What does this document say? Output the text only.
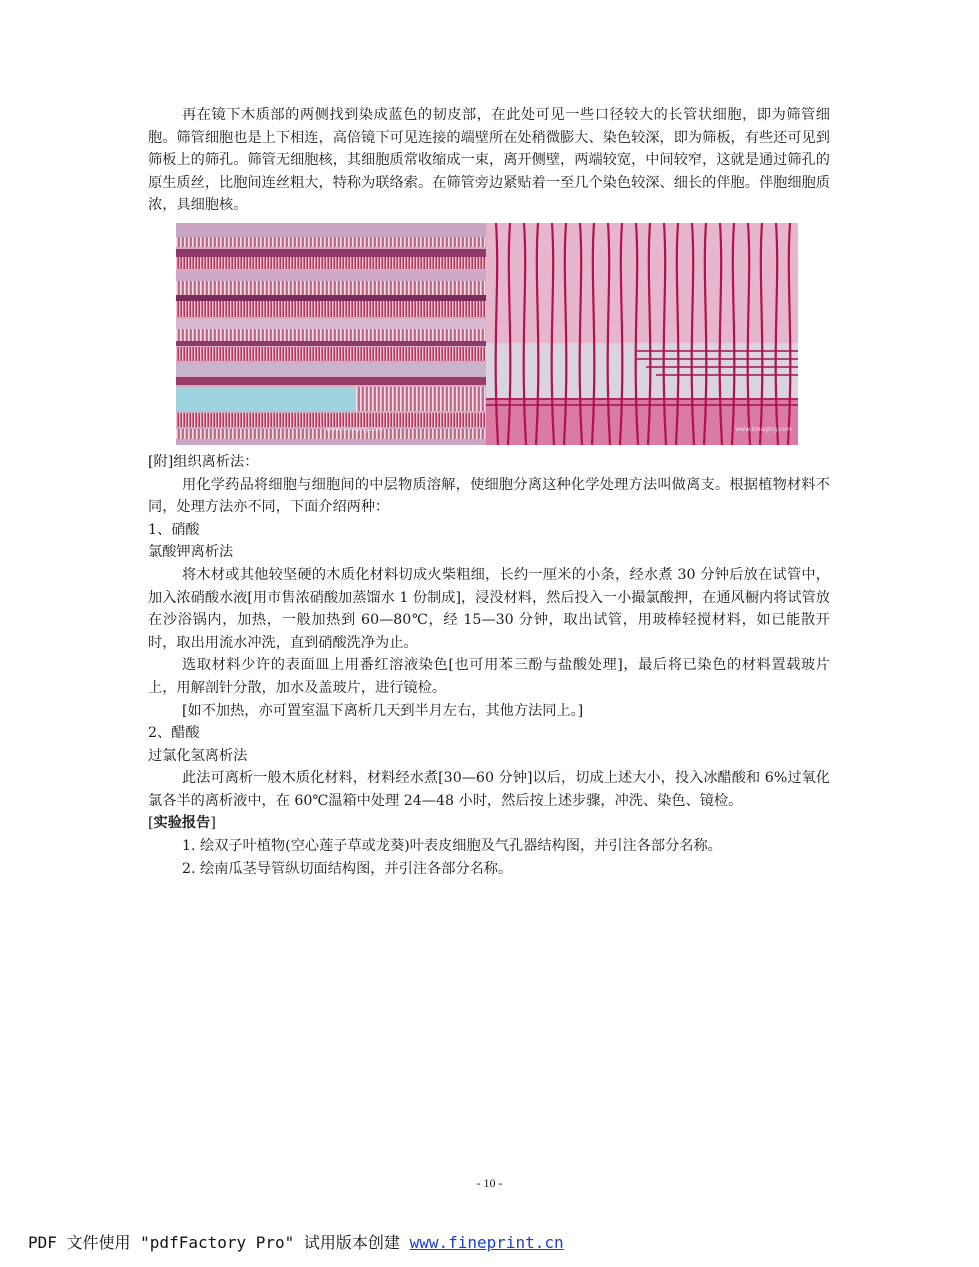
再在镜下木质部的两侧找到染成蓝色的韧皮部，在此处可见一些口径较大的长管状细胞，即为筛管细胞。筛管细胞也是上下相连，高倍镜下可见连接的端壁所在处稍微膨大、染色较深，即为筛板，有些还可见到筛板上的筛孔。筛管无细胞核，其细胞质常收缩成一束，离开侧壁，两端较宽，中间较窄，这就是通过筛孔的原生质丝，比胞间连丝粗大，特称为联络索。在筛管旁边紧贴着一至几个染色较深、细长的伴胞。伴胞细胞质浓，具细胞核。

www.iimaging.com	www.iimaging.com

[附]组织离析法：

用化学药品将细胞与细胞间的中层物质溶解，使细胞分离这种化学处理方法叫做离支。根据植物材料不同，处理方法亦不同，下面介绍两种：

1、硝酸

氯酸钾离析法

将木材或其他较坚硬的木质化材料切成火柴粗细，长约一厘米的小条，经水煮 30 分钟后放在试管中，加入浓硝酸水液[用市售浓硝酸加蒸馏水 1 份制成]，浸没材料，然后投入一小撮氯酸押，在通风橱内将试管放在沙浴锅内，加热，一般加热到 60—80℃，经 15—30 分钟，取出试管，用玻棒轻搅材料，如已能散开时，取出用流水冲洗，直到硝酸洗净为止。

选取材料少许的表面皿上用番红溶液染色[也可用苯三酚与盐酸处理]，最后将已染色的材料置载玻片上，用解剖针分散，加水及盖玻片，进行镜检。

[如不加热，亦可置室温下离析几天到半月左右，其他方法同上。]

2、醋酸

过氯化氢离析法

此法可离析一般木质化材料，材料经水煮[30—60 分钟]以后，切成上述大小，投入冰醋酸和 6%过氧化氯各半的离析液中，在 60℃温箱中处理 24—48 小时，然后按上述步骤，冲洗、染色、镜检。

[实验报告]

1. 绘双子叶植物(空心莲子草或龙葵)叶表皮细胞及气孔器结构图，并引注各部分名称。

2. 绘南瓜茎导管纵切面结构图，并引注各部分名称。

- 10 -
PDF 文件使用 "pdfFactory Pro" 试用版本创建 www.fineprint.cn
